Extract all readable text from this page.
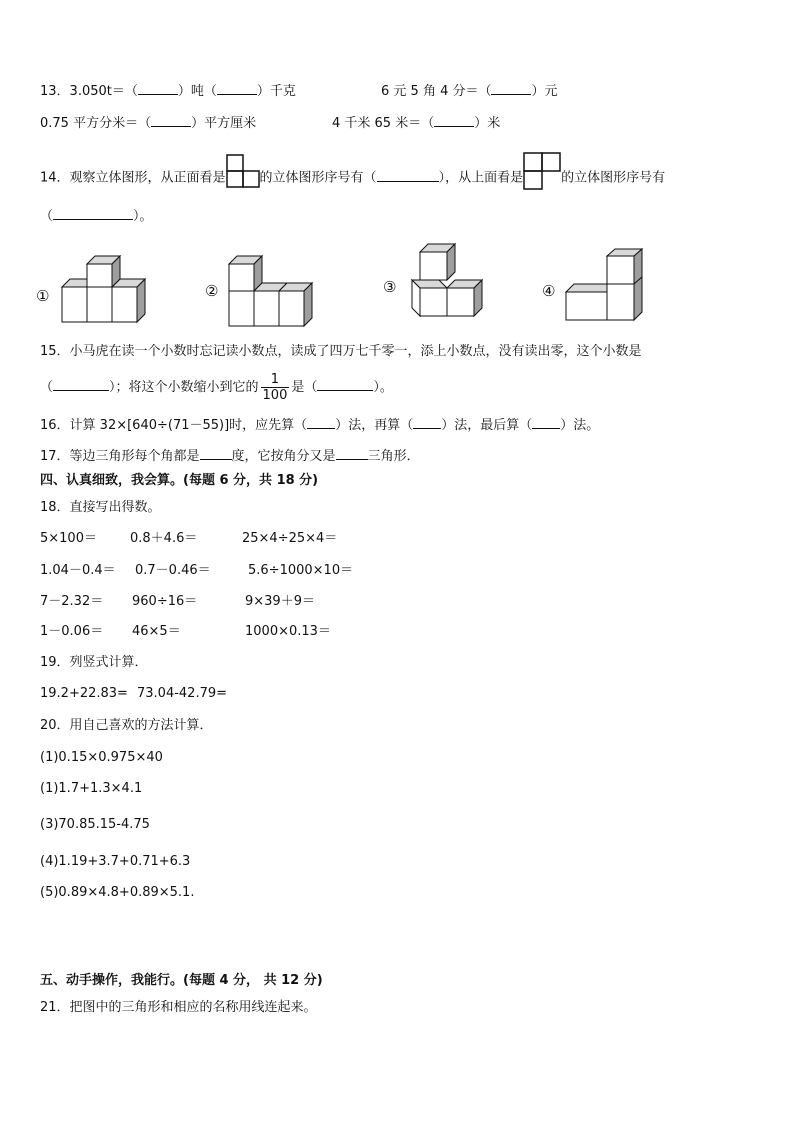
13．3.050t＝（	）吨（	）千克	6 元 5 角 4 分＝（	）元
0.75 平方分米＝（	）平方厘米	4 千米 65 米＝（	）米
14．观察立体图形，从正面看是	的立体图形序号有（	），从上面看是	的立体图形序号有
（	）。
①	②	③	④
15．小马虎在读一个小数时忘记读小数点，读成了四万七千零一，添上小数点，没有读出零，这个小数是
（	）；将这个小数缩小到它的 $\frac{1}{100}$ 是（	）。
16．计算 32×[640÷(71－55)]时，应先算（ ）法，再算（ ）法，最后算（ ）法。
17．等边三角形每个角都是 度，它按角分又是 三角形．
四、认真细致，我会算。(每题 6 分，共 18 分)
18．直接写出得数。
5×100＝	0.8＋4.6＝	25×4÷25×4＝
1.04－0.4＝ 0.7－0.46＝	5.6÷1000×10＝
7－2.32＝ 960÷16＝	9×39＋9＝
1－0.06＝ 46×5＝	1000×0.13＝
19．列竖式计算．
19.2+22.83= 73.04-42.79=
20．用自己喜欢的方法计算．
(1)0.15×0.975×40
(1)1.7+1.3×4.1
(3)70.85.15-4.75
(4)1.19+3.7+0.71+6.3
(5)0.89×4.8+0.89×5.1.
五、动手操作，我能行。(每题 4 分， 共 12 分)
21．把图中的三角形和相应的名称用线连起来。
